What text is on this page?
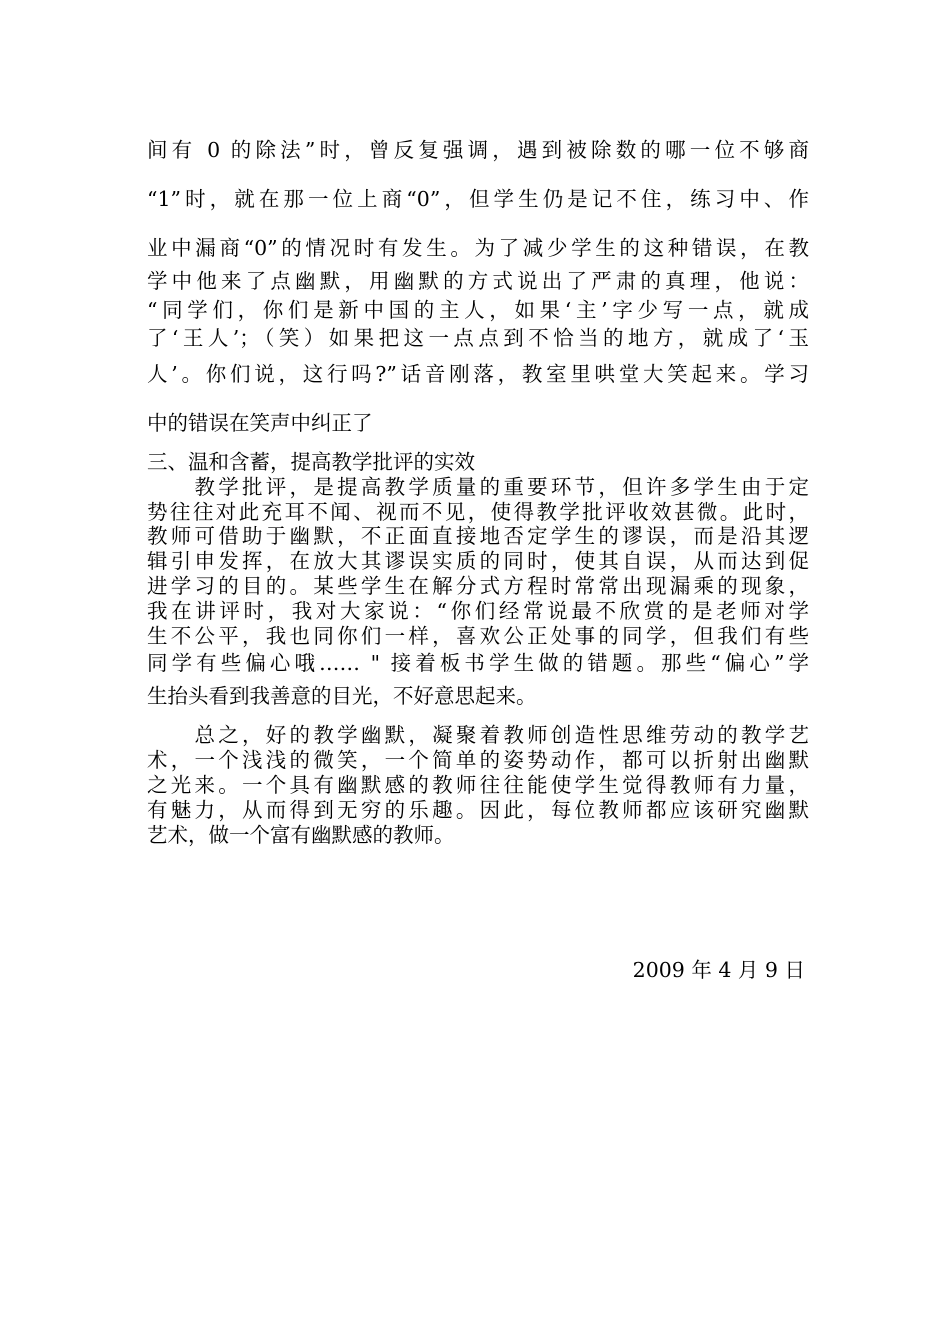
间有 0 的除法”时，曾反复强调，遇到被除数的哪一位不够商
“1”时，就在那一位上商“0”，但学生仍是记不住，练习中、作
业中漏商“0”的情况时有发生。为了减少学生的这种错误，在教
学中他来了点幽默，用幽默的方式说出了严肃的真理，他说：
“同学们，你们是新中国的主人，如果‘主’字少写一点，就成
了‘王人’；（笑）如果把这一点点到不恰当的地方，就成了‘玉
人’。你们说，这行吗?”话音刚落，教室里哄堂大笑起来。学习
中的错误在笑声中纠正了
三、温和含蓄，提高教学批评的实效
　　教学批评，是提高教学质量的重要环节，但许多学生由于定
势往往对此充耳不闻、视而不见，使得教学批评收效甚微。此时，
教师可借助于幽默，不正面直接地否定学生的谬误，而是沿其逻
辑引申发挥，在放大其谬误实质的同时，使其自误，从而达到促
进学习的目的。某些学生在解分式方程时常常出现漏乘的现象，
我在讲评时，我对大家说：“你们经常说最不欣赏的是老师对学
生不公平，我也同你们一样，喜欢公正处事的同学，但我们有些
同学有些偏心哦…… " 接着板书学生做的错题。那些“偏心”学
生抬头看到我善意的目光，不好意思起来。
　　总之，好的教学幽默，凝聚着教师创造性思维劳动的教学艺
术，一个浅浅的微笑，一个简单的姿势动作，都可以折射出幽默
之光来。一个具有幽默感的教师往往能使学生觉得教师有力量，
有魅力，从而得到无穷的乐趣。因此，每位教师都应该研究幽默
艺术，做一个富有幽默感的教师。
2009 年 4 月 9 日
